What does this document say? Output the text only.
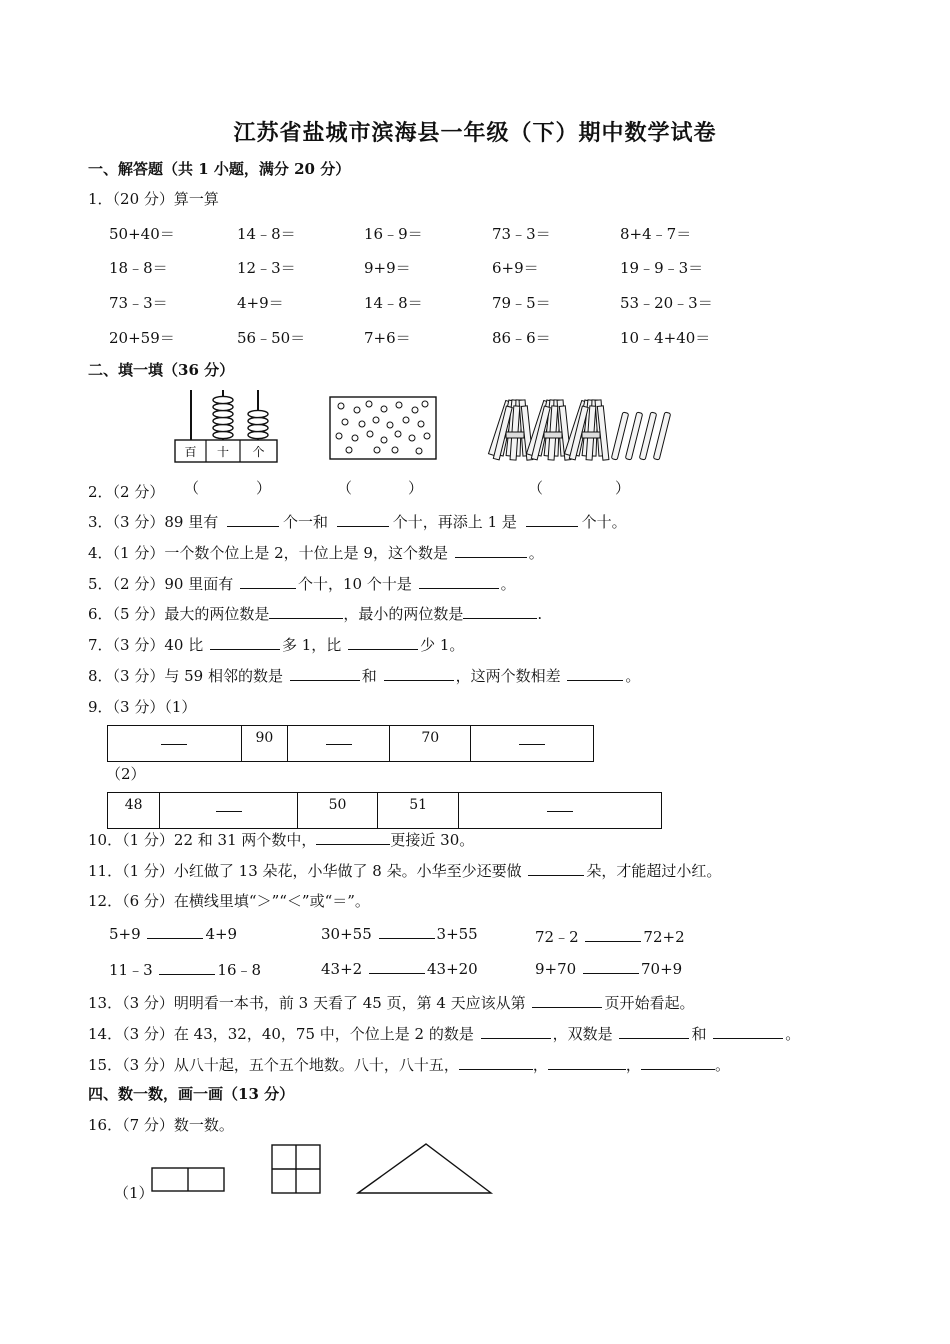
江苏省盐城市滨海县一年级（下）期中数学试卷
一、解答题（共 1 小题，满分 20 分）
1．（20 分）算一算
50+40＝	14﹣8＝	16﹣9＝	73﹣3＝	8+4﹣7＝
18﹣8＝	12﹣3＝	9+9＝	6+9＝	19﹣9﹣3＝
73﹣3＝	4+9＝	14﹣8＝	79﹣5＝	53﹣20﹣3＝
20+59＝	56﹣50＝	7+6＝	86﹣6＝	10﹣4+40＝
二、填一填（36 分）
百 十 个
2．（2 分） （	）	（	）	（	）
3．（3 分）89 里有	个一和	个十，再添上 1 是	个十。
4．（1 分）一个数个位上是 2，十位上是 9，这个数是	。
5．（2 分）90 里面有	个十，10 个十是	。
6．（5 分）最大的两位数是	，最小的两位数是	.
7．（3 分）40 比	多 1，比	少 1。
8．（3 分）与 59 相邻的数是	和	，这两个数相差	。
9．（3 分）（1）
	90		70	
（2）
48		50	51	
10．（1 分）22 和 31 两个数中，	更接近 30。
11．（1 分）小红做了 13 朵花，小华做了 8 朵。小华至少还要做	朵，才能超过小红。
12．（6 分）在横线里填“＞”“＜”或“＝”。
5+9	4+9	30+55	3+55	72﹣2	72+2
11﹣3	16﹣8	43+2	43+20	9+70	70+9
13．（3 分）明明看一本书，前 3 天看了 45 页，第 4 天应该从第	页开始看起。
14．（3 分）在 43，32，40，75 中，个位上是 2 的数是	，双数是	和	。
15．（3 分）从八十起，五个五个地数。八十，八十五，	，	，	。
四、数一数，画一画（13 分）
16．（7 分）数一数。
（1）
